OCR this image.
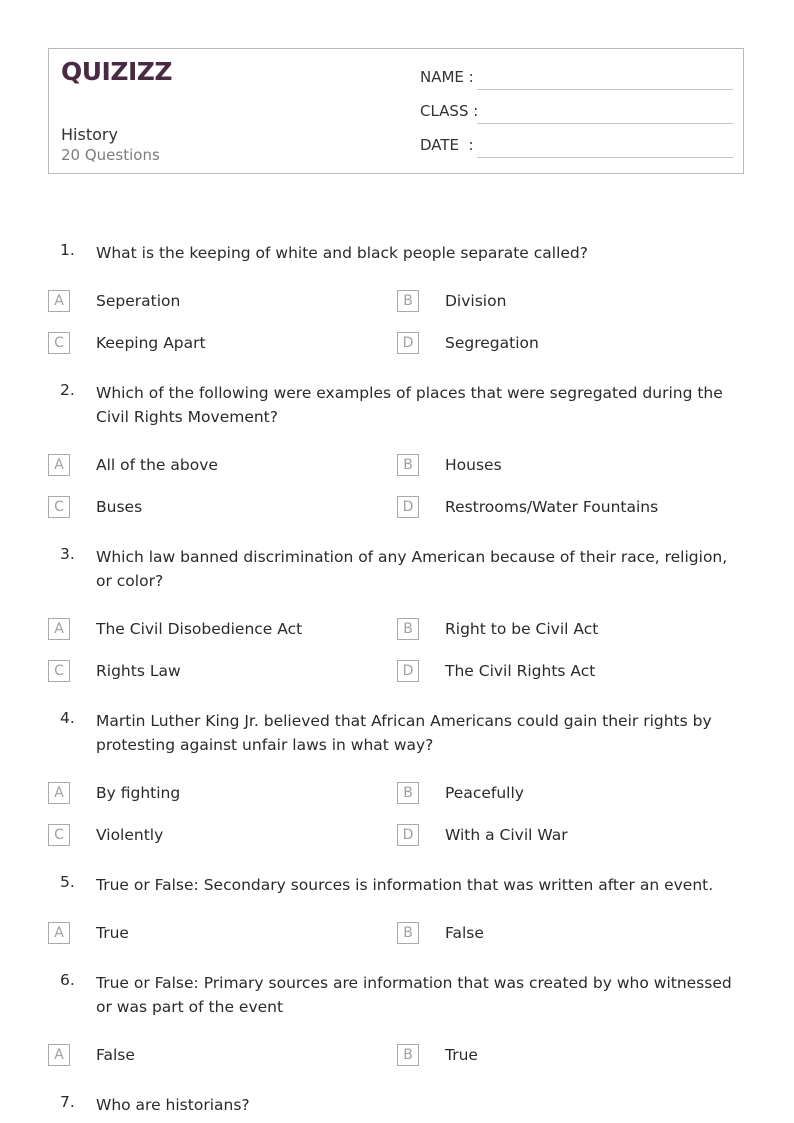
QUIZIZZ
History
20 Questions
NAME :
CLASS :
DATE  :
1. What is the keeping of white and black people separate called?
A	Seperation	B	Division
C	Keeping Apart	D	Segregation
2. Which of the following were examples of places that were segregated during the Civil Rights Movement?
A	All of the above	B	Houses
C	Buses	D	Restrooms/Water Fountains
3. Which law banned discrimination of any American because of their race, religion, or color?
A	The Civil Disobedience Act	B	Right to be Civil Act
C	Rights Law	D	The Civil Rights Act
4. Martin Luther King Jr. believed that African Americans could gain their rights by protesting against unfair laws in what way?
A	By fighting	B	Peacefully
C	Violently	D	With a Civil War
5. True or False: Secondary sources is information that was written after an event.
A	True	B	False
6. True or False: Primary sources are information that was created by who witnessed or was part of the event
A	False	B	True
7. Who are historians?
